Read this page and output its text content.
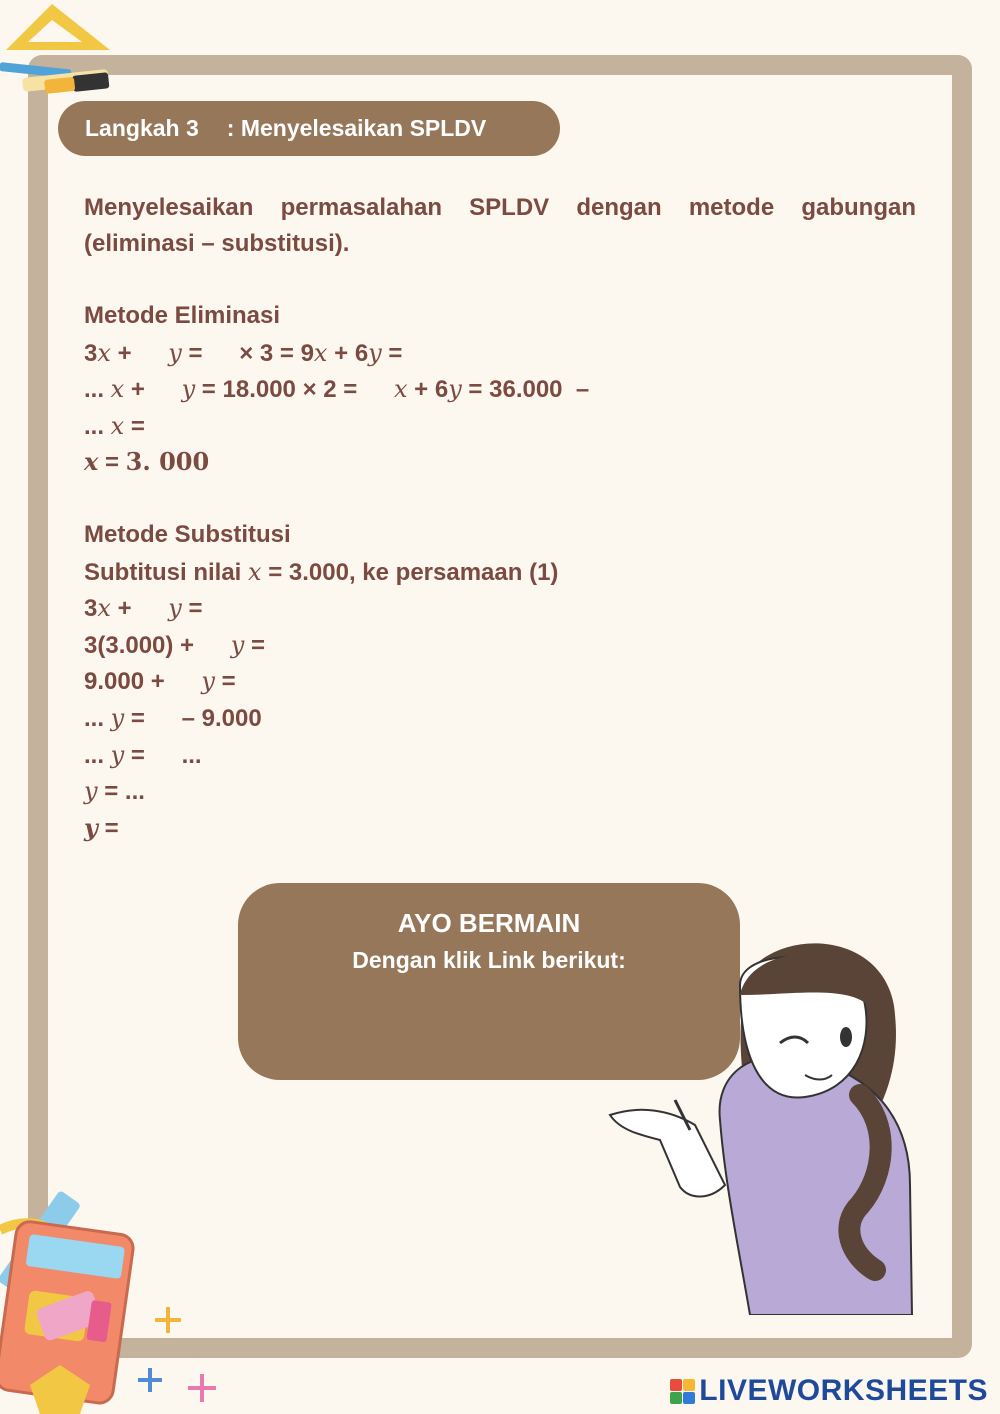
Langkah 3 : Menyelesaikan SPLDV

Menyelesaikan permasalahan SPLDV dengan metode gabungan (eliminasi – substitusi).

Metode Eliminasi
3x + y = × 3 = 9x + 6y =
... x + y = 18.000 × 2 = x + 6y = 36.000  –
... x =
x = 3. 000
Metode Substitusi
Subtitusi nilai x = 3.000, ke persamaan (1)
3x + y =
3(3.000) + y =
9.000 + y =
... y = – 9.000
... y = ...
y = ...
y =
AYO BERMAIN
Dengan klik Link berikut:
LIVEWORKSHEETS
